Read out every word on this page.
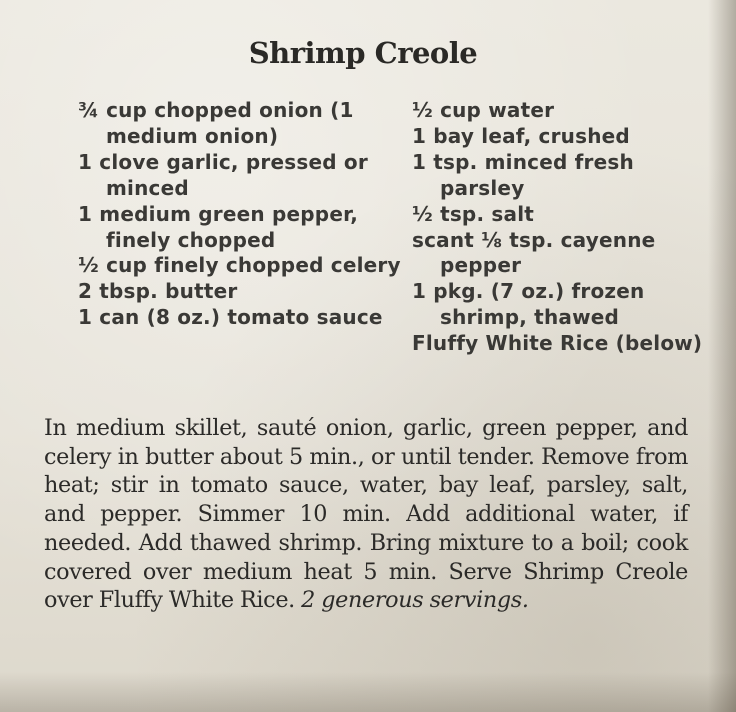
Shrimp Creole

¾ cup chopped onion (1 medium onion)

1 clove garlic, pressed or minced

1 medium green pepper, finely chopped

½ cup finely chopped celery

2 tbsp. butter

1 can (8 oz.) tomato sauce

½ cup water

1 bay leaf, crushed

1 tsp. minced fresh parsley

½ tsp. salt

scant ⅛ tsp. cayenne pepper

1 pkg. (7 oz.) frozen shrimp, thawed

Fluffy White Rice (below)

In medium skillet, sauté onion, garlic, green pepper, and celery in butter about 5 min., or until tender. Remove from heat; stir in tomato sauce, water, bay leaf, parsley, salt, and pepper. Simmer 10 min. Add additional water, if needed. Add thawed shrimp. Bring mixture to a boil; cook covered over medium heat 5 min. Serve Shrimp Creole over Fluffy White Rice. 2 generous servings.
